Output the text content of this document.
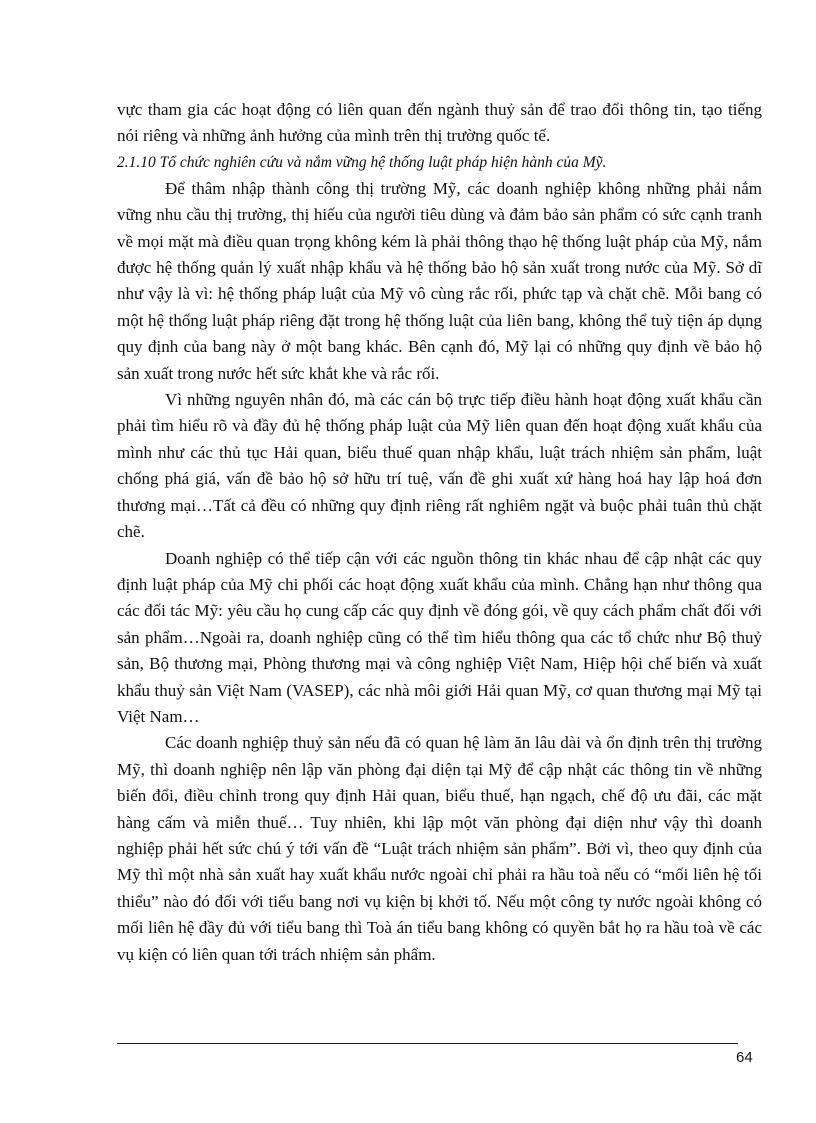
vực tham gia các hoạt động có liên quan đến ngành thuỷ sản để trao đổi thông tin, tạo tiếng nói riêng và những ảnh hưởng của mình trên thị trường quốc tế.

2.1.10 Tổ chức nghiên cứu và nắm vững hệ thống luật pháp hiện hành của Mỹ.

Để thâm nhập thành công thị trường Mỹ, các doanh nghiệp không những phải nắm vững nhu cầu thị trường, thị hiếu của người tiêu dùng và đảm bảo sản phẩm có sức cạnh tranh về mọi mặt mà điều quan trọng không kém là phải thông thạo hệ thống luật pháp của Mỹ, nắm được hệ thống quản lý xuất nhập khẩu và hệ thống bảo hộ sản xuất trong nước của Mỹ. Sở dĩ như vậy là vì: hệ thống pháp luật của Mỹ vô cùng rắc rối, phức tạp và chặt chẽ. Mỗi bang có một hệ thống luật pháp riêng đặt trong hệ thống luật của liên bang, không thể tuỳ tiện áp dụng quy định của bang này ở một bang khác. Bên cạnh đó, Mỹ lại có những quy định về bảo hộ sản xuất trong nước hết sức khắt khe và rắc rối.

Vì những nguyên nhân đó, mà các cán bộ trực tiếp điều hành hoạt động xuất khẩu cần phải tìm hiểu rõ và đầy đủ hệ thống pháp luật của Mỹ liên quan đến hoạt động xuất khẩu của mình như các thủ tục Hải quan, biểu thuế quan nhập khẩu, luật trách nhiệm sản phẩm, luật chống phá giá, vấn đề bảo hộ sở hữu trí tuệ, vấn đề ghi xuất xứ hàng hoá hay lập hoá đơn thương mại…Tất cả đều có những quy định riêng rất nghiêm ngặt và buộc phải tuân thủ chặt chẽ.

Doanh nghiệp có thể tiếp cận với các nguồn thông tin khác nhau để cập nhật các quy định luật pháp của Mỹ chi phối các hoạt động xuất khẩu của mình. Chẳng hạn như thông qua các đối tác Mỹ: yêu cầu họ cung cấp các quy định về đóng gói, về quy cách phẩm chất đối với sản phẩm…Ngoài ra, doanh nghiệp cũng có thể tìm hiểu thông qua các tổ chức như Bộ thuỷ sản, Bộ thương mại, Phòng thương mại và công nghiệp Việt Nam, Hiệp hội chế biến và xuất khẩu thuỷ sản Việt Nam (VASEP), các nhà môi giới Hải quan Mỹ, cơ quan thương mại Mỹ tại Việt Nam…

Các doanh nghiệp thuỷ sản nếu đã có quan hệ làm ăn lâu dài và ổn định trên thị trường Mỹ, thì doanh nghiệp nên lập văn phòng đại diện tại Mỹ để cập nhật các thông tin về những biến đổi, điều chỉnh trong quy định Hải quan, biểu thuế, hạn ngạch, chế độ ưu đãi, các mặt hàng cấm và miễn thuế… Tuy nhiên, khi lập một văn phòng đại diện như vậy thì doanh nghiệp phải hết sức chú ý tới vấn đề “Luật trách nhiệm sản phẩm”. Bởi vì, theo quy định của Mỹ thì một nhà sản xuất hay xuất khẩu nước ngoài chỉ phải ra hầu toà nếu có “mối liên hệ tối thiểu” nào đó đối với tiểu bang nơi vụ kiện bị khởi tố. Nếu một công ty nước ngoài không có mối liên hệ đầy đủ với tiểu bang thì Toà án tiểu bang không có quyền bắt họ ra hầu toà về các vụ kiện có liên quan tới trách nhiệm sản phẩm.

64
